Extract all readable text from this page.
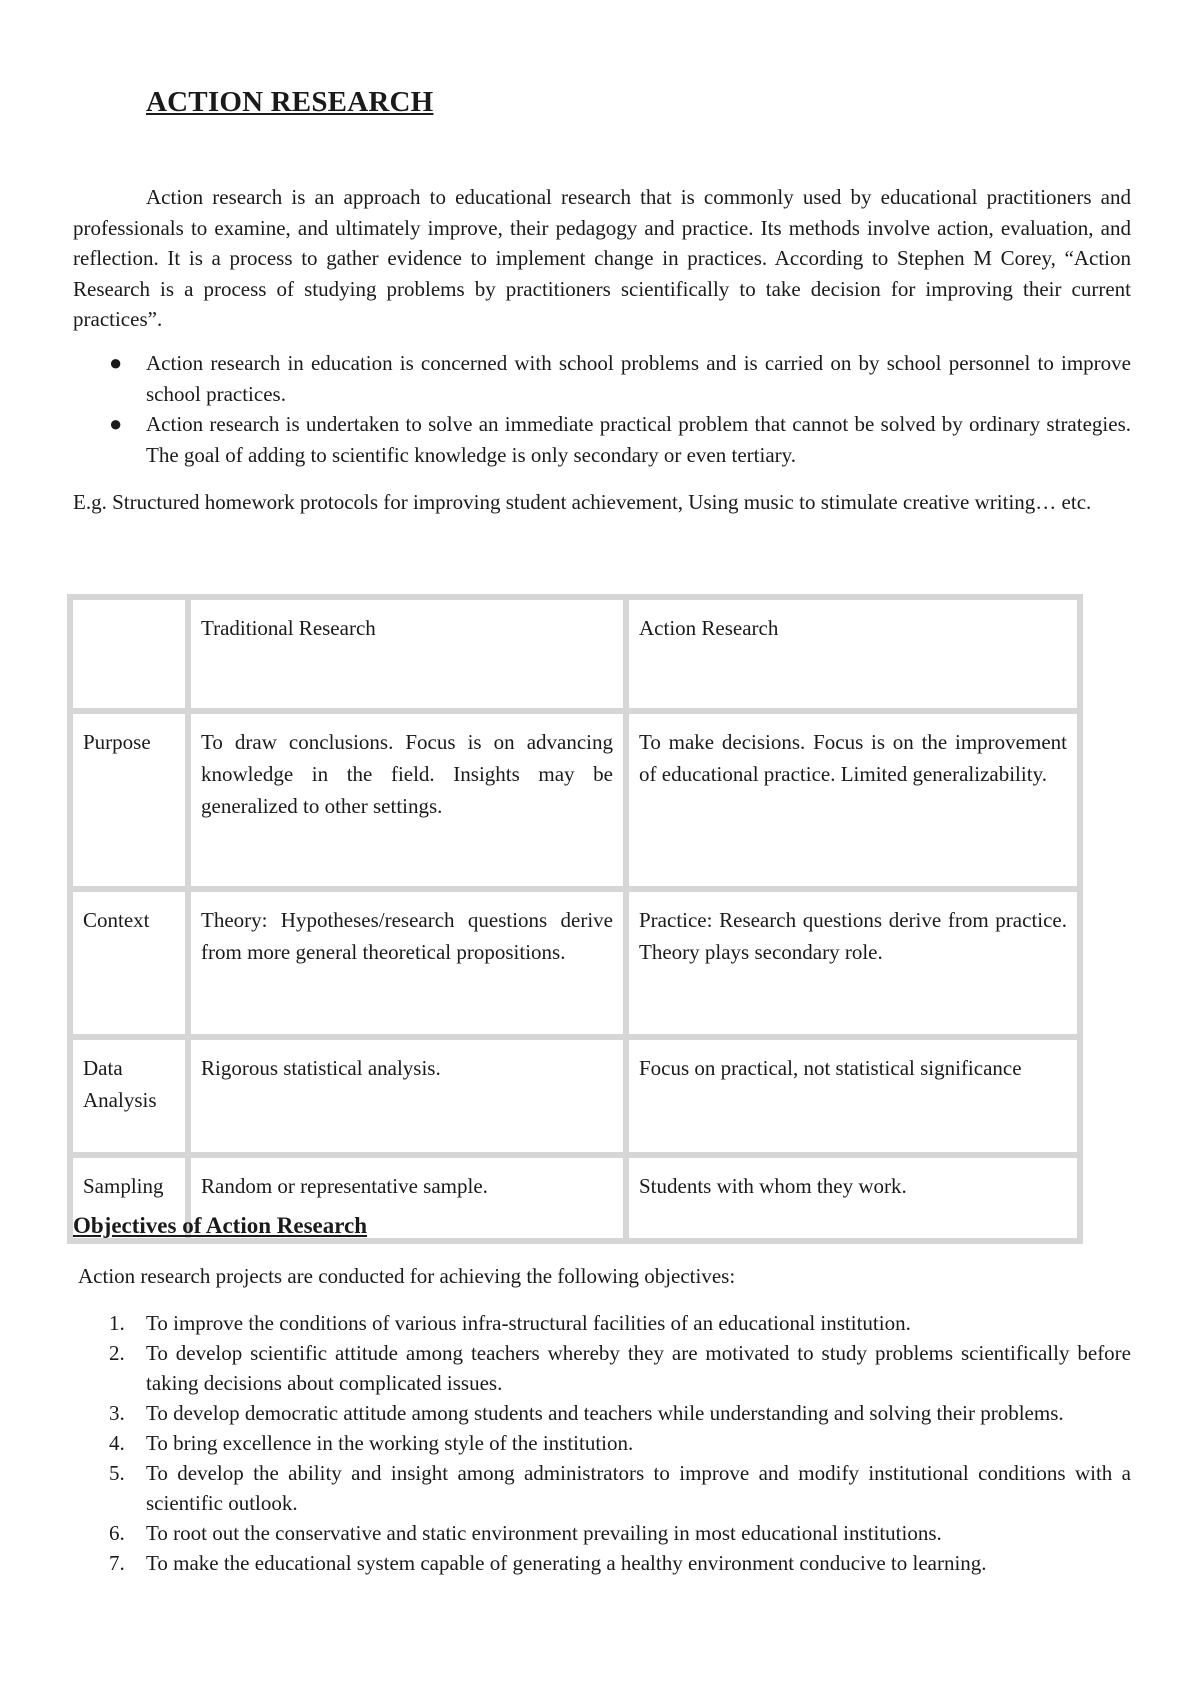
ACTION RESEARCH

Action research is an approach to educational research that is commonly used by educational practitioners and professionals to examine, and ultimately improve, their pedagogy and practice. Its methods involve action, evaluation, and reflection. It is a process to gather evidence to implement change in practices. According to Stephen M Corey, “Action Research is a process of studying problems by practitioners scientifically to take decision for improving their current practices”.

● Action research in education is concerned with school problems and is carried on by school personnel to improve school practices.
● Action research is undertaken to solve an immediate practical problem that cannot be solved by ordinary strategies. The goal of adding to scientific knowledge is only secondary or even tertiary.

E.g. Structured homework protocols for improving student achievement, Using music to stimulate creative writing… etc.

	Traditional Research	Action Research
Purpose	To draw conclusions. Focus is on advancing knowledge in the field. Insights may be generalized to other settings.	To make decisions. Focus is on the improvement of educational practice. Limited generalizability.
Context	Theory: Hypotheses/research questions derive from more general theoretical propositions.	Practice: Research questions derive from practice. Theory plays secondary role.
Data Analysis	Rigorous statistical analysis.	Focus on practical, not statistical significance
Sampling	Random or representative sample.	Students with whom they work.
Objectives of Action Research

Action research projects are conducted for achieving the following objectives:

1. To improve the conditions of various infra-structural facilities of an educational institution.
2. To develop scientific attitude among teachers whereby they are motivated to study problems scientifically before taking decisions about complicated issues.
3. To develop democratic attitude among students and teachers while understanding and solving their problems.
4. To bring excellence in the working style of the institution.
5. To develop the ability and insight among administrators to improve and modify institutional conditions with a scientific outlook.
6. To root out the conservative and static environment prevailing in most educational institutions.
7. To make the educational system capable of generating a healthy environment conducive to learning.
